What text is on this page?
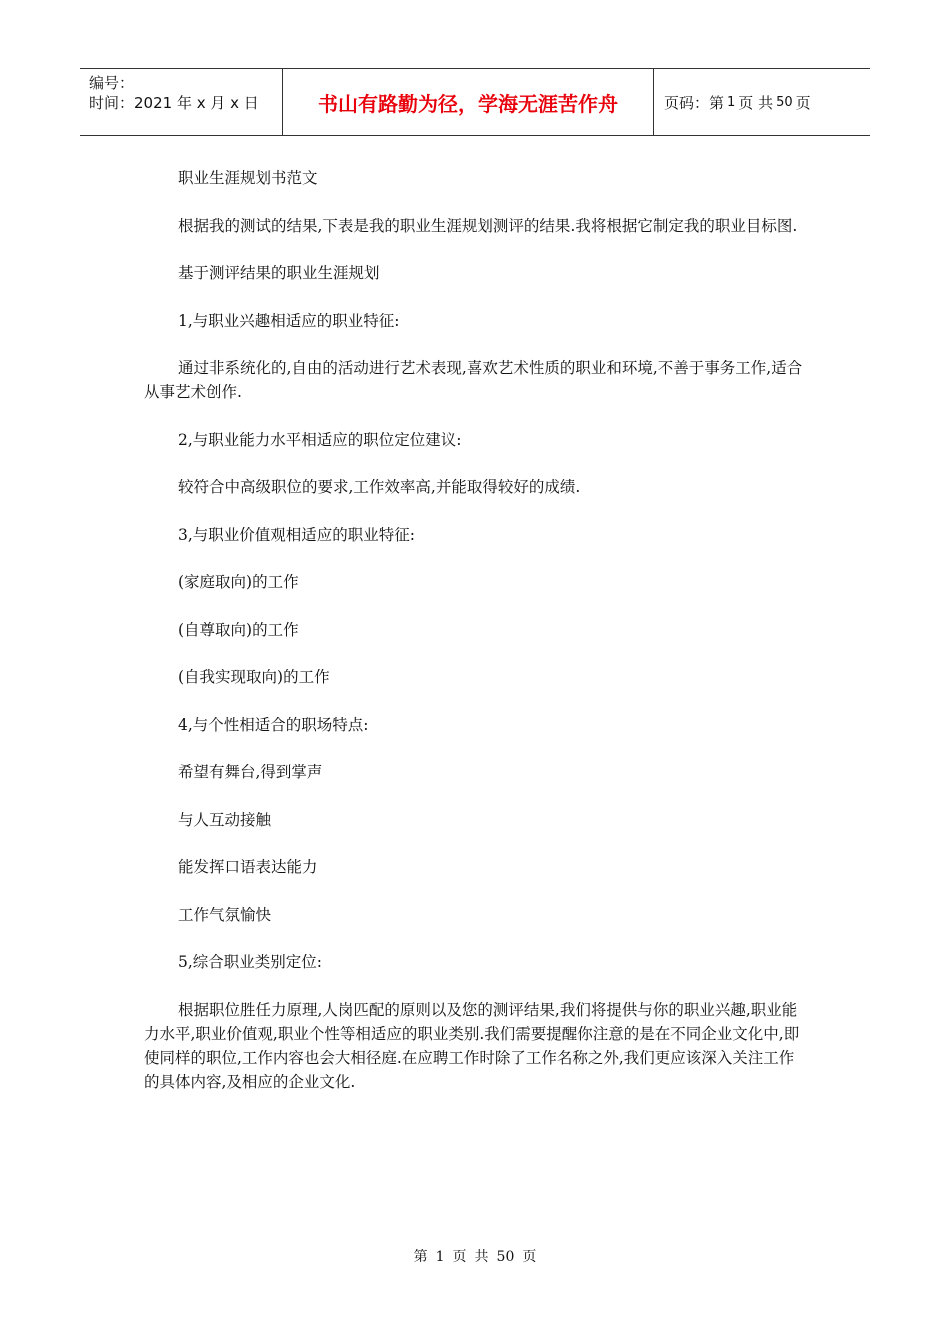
编号：
时间：2021 年 x 月 x 日	书山有路勤为径，学海无涯苦作舟	页码：第 1 页 共 50 页

职业生涯规划书范文

根据我的测试的结果,下表是我的职业生涯规划测评的结果.我将根据它制定我的职业目标图.

基于测评结果的职业生涯规划

1,与职业兴趣相适应的职业特征:

通过非系统化的,自由的活动进行艺术表现,喜欢艺术性质的职业和环境,不善于事务工作,适合从事艺术创作.

2,与职业能力水平相适应的职位定位建议:

较符合中高级职位的要求,工作效率高,并能取得较好的成绩.

3,与职业价值观相适应的职业特征:

(家庭取向)的工作

(自尊取向)的工作

(自我实现取向)的工作

4,与个性相适合的职场特点:

希望有舞台,得到掌声

与人互动接触

能发挥口语表达能力

工作气氛愉快

5,综合职业类别定位:

根据职位胜任力原理,人岗匹配的原则以及您的测评结果,我们将提供与你的职业兴趣,职业能力水平,职业价值观,职业个性等相适应的职业类别.我们需要提醒你注意的是在不同企业文化中,即使同样的职位,工作内容也会大相径庭.在应聘工作时除了工作名称之外,我们更应该深入关注工作的具体内容,及相应的企业文化.

第 1 页 共 50 页
